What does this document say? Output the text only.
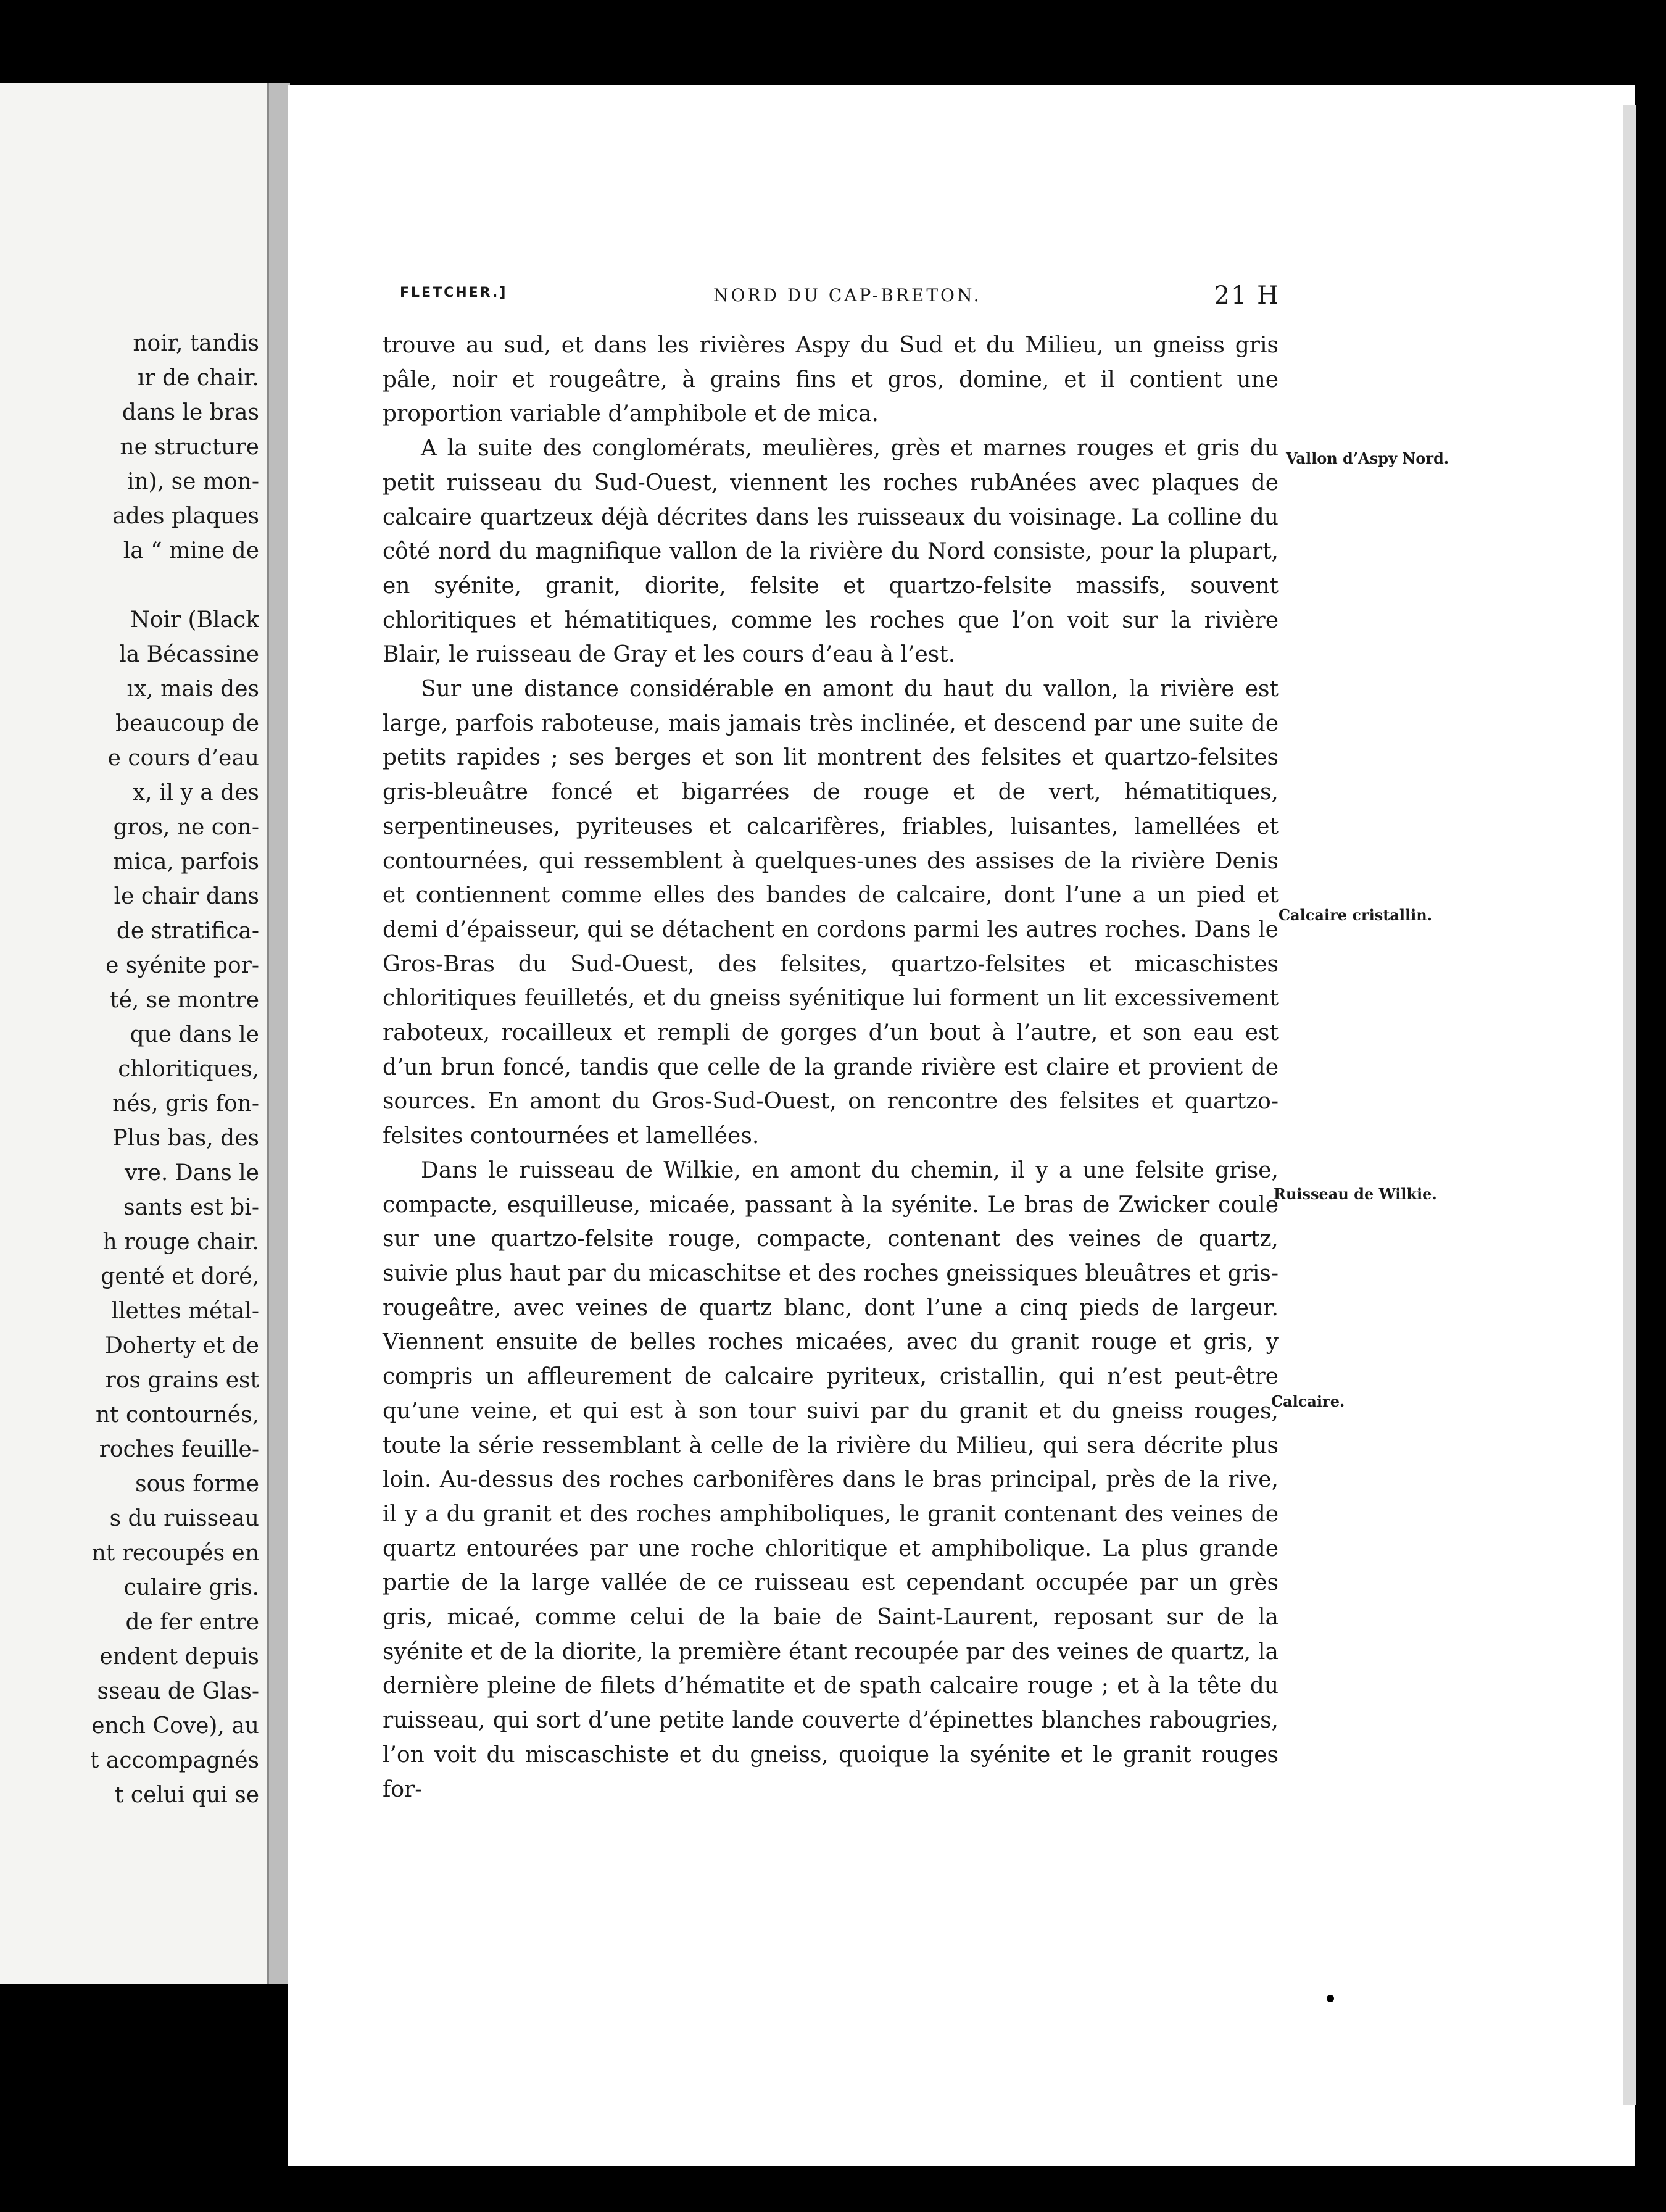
noir, tandis
ır de chair.
dans le bras
ne structure
in), se mon-
ades plaques
la “ mine de
Noir (Black
la Bécassine
ıx, mais des
beaucoup de
e cours d’eau
x, il y a des
gros, ne con-
mica, parfois
le chair dans
de stratifica-
e syénite por-
té, se montre
que dans le
chloritiques,
nés, gris fon-
Plus bas, des
vre. Dans le
sants est bi-
h rouge chair.
genté et doré,
llettes métal-
Doherty et de
ros grains est
nt contournés,
roches feuille-
sous forme
s du ruisseau
nt recoupés en
culaire gris.
de fer entre
endent depuis
sseau de Glas-
ench Cove), au
t accompagnés
t celui qui se
FLETCHER.]	NORD DU CAP-BRETON.	21 H

trouve au sud, et dans les rivières Aspy du Sud et du Milieu, un gneiss gris pâle, noir et rougeâtre, à grains fins et gros, domine, et il contient une proportion variable d’amphibole et de mica.

A la suite des conglomérats, meulières, grès et marnes rouges et gris du petit ruisseau du Sud-Ouest, viennent les roches rubAnées avec plaques de calcaire quartzeux déjà décrites dans les ruisseaux du voisinage. La colline du côté nord du magnifique vallon de la rivière du Nord consiste, pour la plupart, en syénite, granit, diorite, felsite et quartzo-felsite massifs, souvent chloritiques et hématitiques, comme les roches que l’on voit sur la rivière Blair, le ruisseau de Gray et les cours d’eau à l’est.

Sur une distance considérable en amont du haut du vallon, la rivière est large, parfois raboteuse, mais jamais très inclinée, et descend par une suite de petits rapides ; ses berges et son lit montrent des felsites et quartzo-felsites gris-bleuâtre foncé et bigarrées de rouge et de vert, hématitiques, serpentineuses, pyriteuses et calcarifères, friables, luisantes, lamellées et contournées, qui ressemblent à quelques-unes des assises de la rivière Denis et contiennent comme elles des bandes de calcaire, dont l’une a un pied et demi d’épaisseur, qui se détachent en cordons parmi les autres roches. Dans le Gros-Bras du Sud-Ouest, des felsites, quartzo-felsites et micaschistes chloritiques feuilletés, et du gneiss syénitique lui forment un lit excessivement raboteux, rocailleux et rempli de gorges d’un bout à l’autre, et son eau est d’un brun foncé, tandis que celle de la grande rivière est claire et provient de sources. En amont du Gros-Sud-Ouest, on rencontre des felsites et quartzo-felsites contournées et lamellées.

Dans le ruisseau de Wilkie, en amont du chemin, il y a une felsite grise, compacte, esquilleuse, micaée, passant à la syénite. Le bras de Zwicker coule sur une quartzo-felsite rouge, compacte, contenant des veines de quartz, suivie plus haut par du micaschitse et des roches gneissiques bleuâtres et gris-rougeâtre, avec veines de quartz blanc, dont l’une a cinq pieds de largeur. Viennent ensuite de belles roches micaées, avec du granit rouge et gris, y compris un affleurement de calcaire pyriteux, cristallin, qui n’est peut-être qu’une veine, et qui est à son tour suivi par du granit et du gneiss rouges, toute la série ressemblant à celle de la rivière du Milieu, qui sera décrite plus loin. Au-dessus des roches carbonifères dans le bras principal, près de la rive, il y a du granit et des roches amphiboliques, le granit contenant des veines de quartz entourées par une roche chloritique et amphibolique. La plus grande partie de la large vallée de ce ruisseau est cependant occupée par un grès gris, micaé, comme celui de la baie de Saint-Laurent, reposant sur de la syénite et de la diorite, la première étant recoupée par des veines de quartz, la dernière pleine de filets d’hématite et de spath calcaire rouge ; et à la tête du ruisseau, qui sort d’une petite lande couverte d’épinettes blanches rabougries, l’on voit du miscaschiste et du gneiss, quoique la syénite et le granit rouges for-

Vallon d’Aspy Nord.
Calcaire cristallin.
Ruisseau de Wilkie.
Calcaire.
